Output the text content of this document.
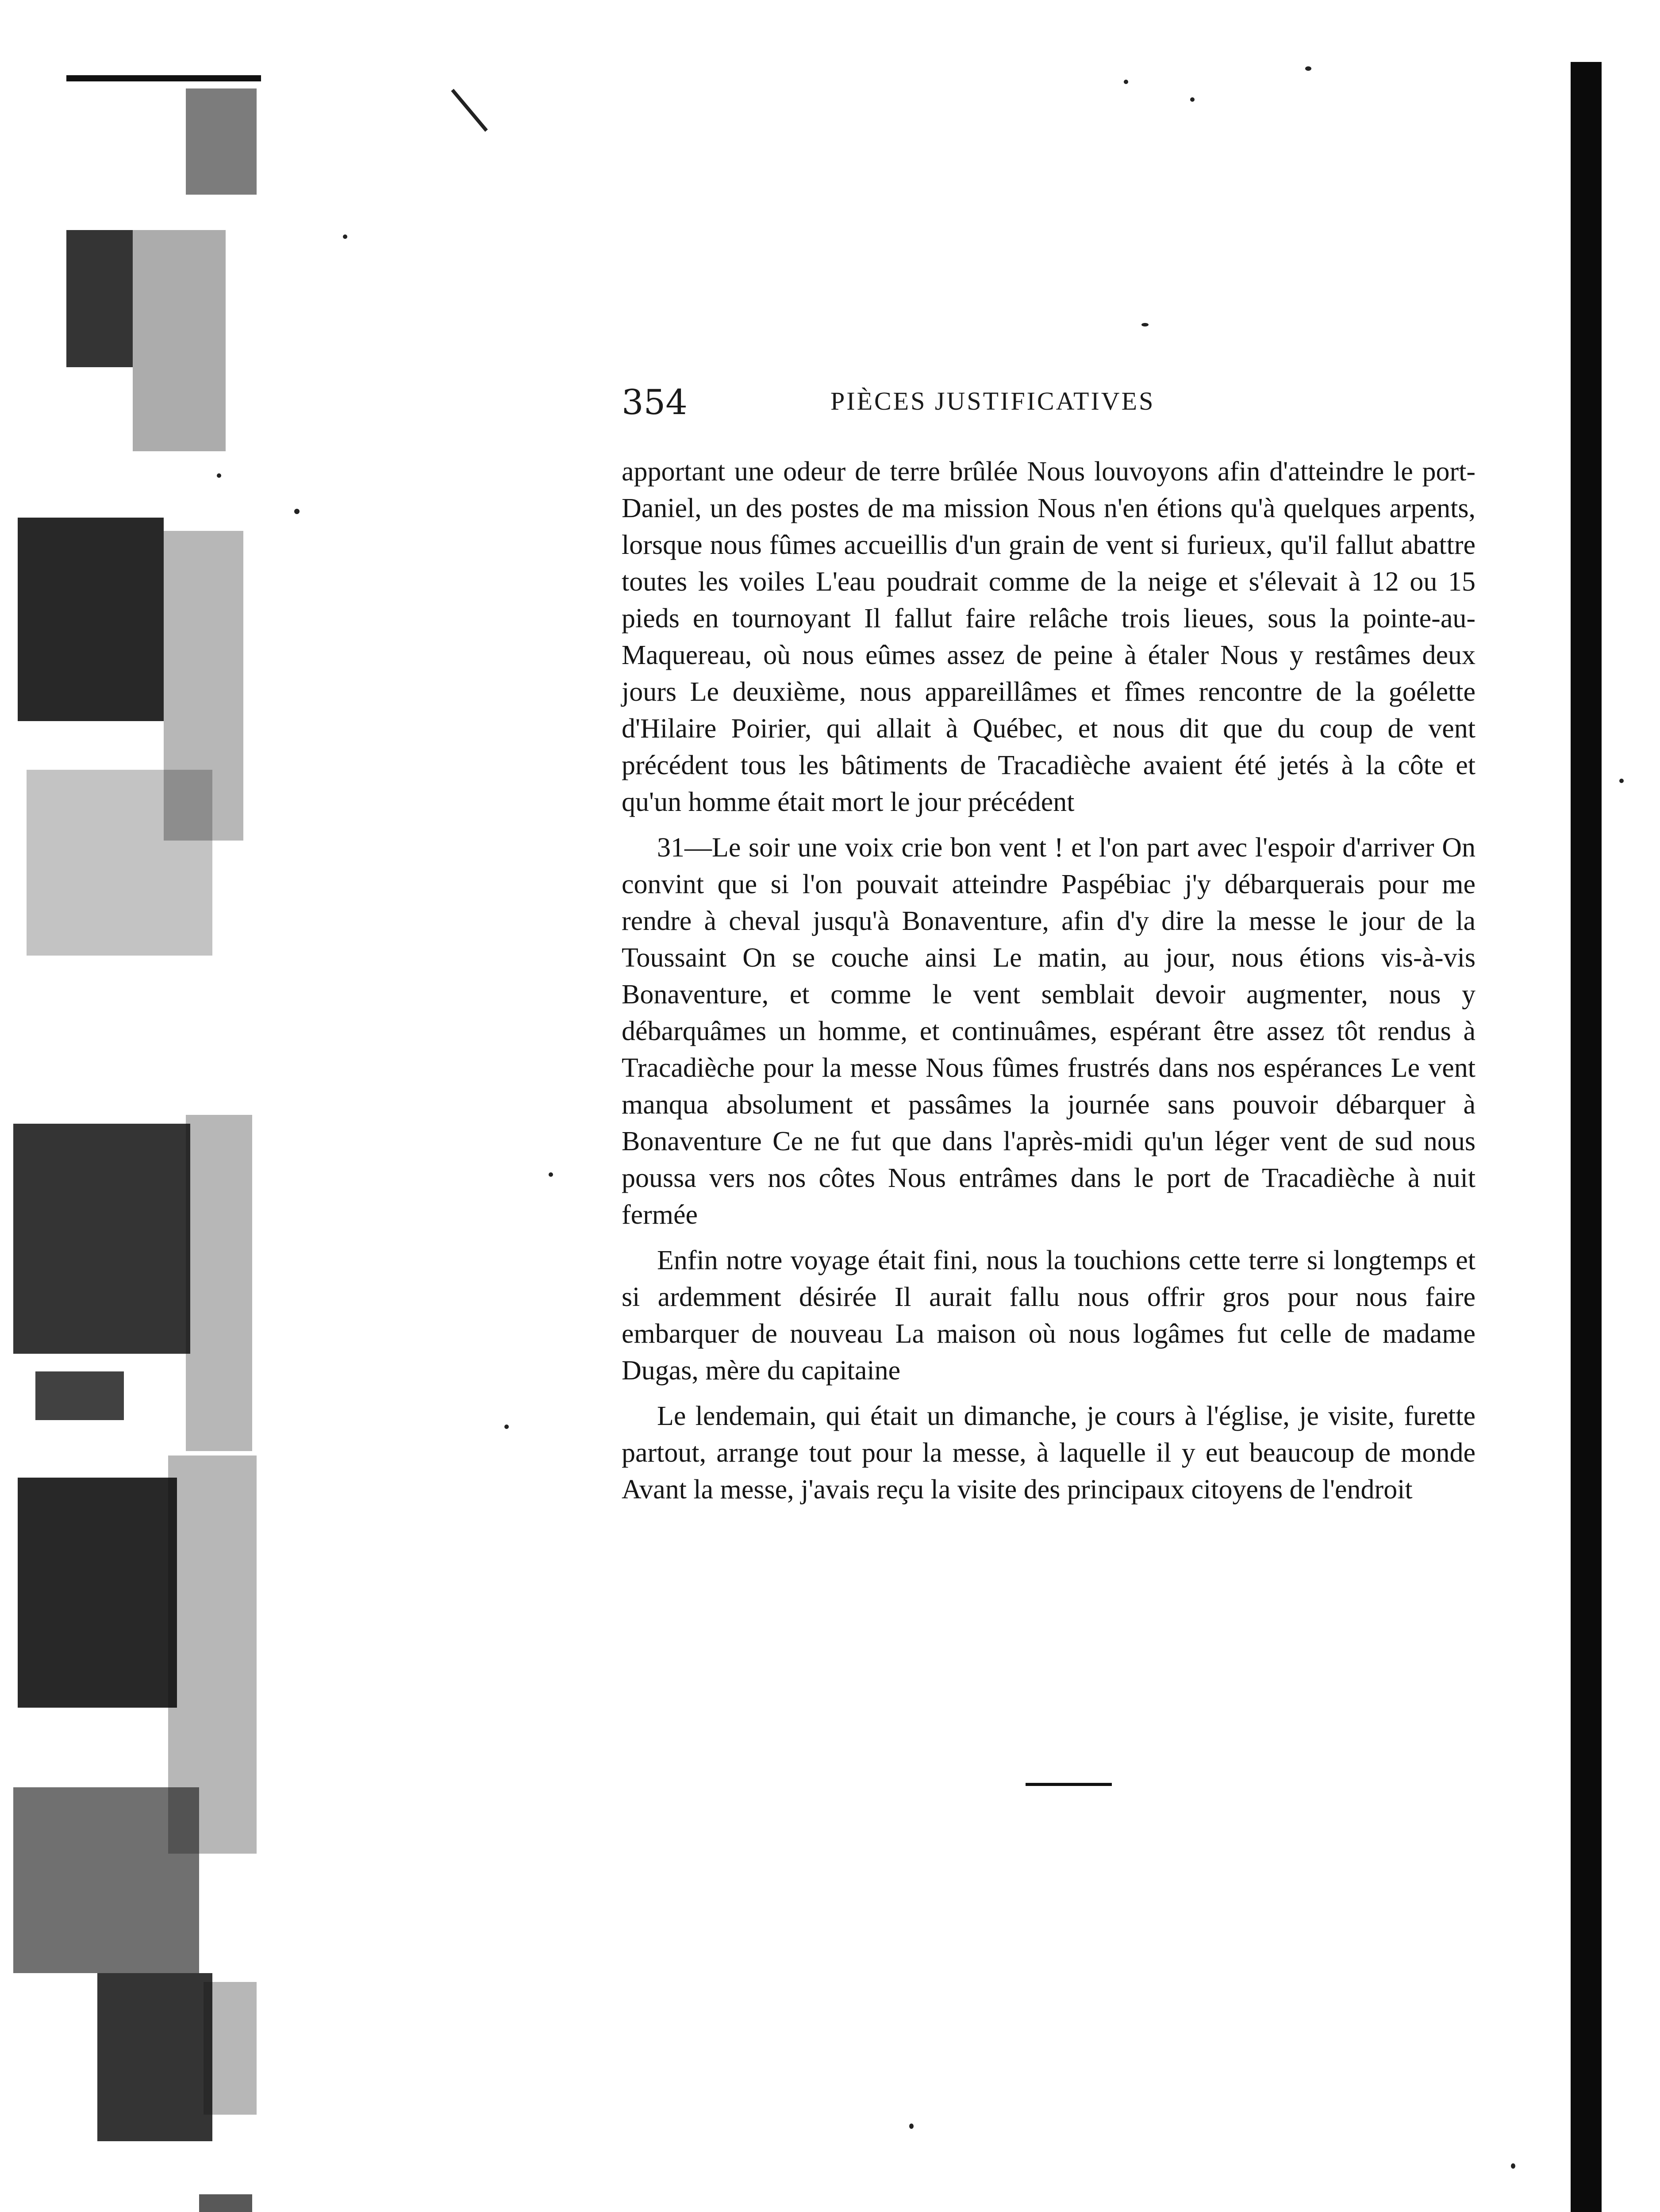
354	PIÈCES JUSTIFICATIVES

apportant une odeur de terre brûlée Nous louvoyons afin d'atteindre le port-Daniel, un des postes de ma mission Nous n'en étions qu'à quelques arpents, lorsque nous fûmes accueillis d'un grain de vent si furieux, qu'il fallut abattre toutes les voiles L'eau poudrait comme de la neige et s'élevait à 12 ou 15 pieds en tournoyant Il fallut faire relâche trois lieues, sous la pointe-au-Maquereau, où nous eûmes assez de peine à étaler Nous y restâmes deux jours Le deuxième, nous appareillâmes et fîmes rencontre de la goélette d'Hilaire Poirier, qui allait à Québec, et nous dit que du coup de vent précédent tous les bâtiments de Tracadièche avaient été jetés à la côte et qu'un homme était mort le jour précédent

31—Le soir une voix crie bon vent ! et l'on part avec l'espoir d'arriver On convint que si l'on pouvait atteindre Paspébiac j'y débarquerais pour me rendre à cheval jusqu'à Bonaventure, afin d'y dire la messe le jour de la Toussaint On se couche ainsi Le matin, au jour, nous étions vis-à-vis Bonaventure, et comme le vent semblait devoir augmenter, nous y débarquâmes un homme, et continuâmes, espérant être assez tôt rendus à Tracadièche pour la messe Nous fûmes frustrés dans nos espérances Le vent manqua absolument et passâmes la journée sans pouvoir débarquer à Bonaventure Ce ne fut que dans l'après-midi qu'un léger vent de sud nous poussa vers nos côtes Nous entrâmes dans le port de Tracadièche à nuit fermée

Enfin notre voyage était fini, nous la touchions cette terre si longtemps et si ardemment désirée Il aurait fallu nous offrir gros pour nous faire embarquer de nouveau La maison où nous logâmes fut celle de madame Dugas, mère du capitaine

Le lendemain, qui était un dimanche, je cours à l'église, je visite, furette partout, arrange tout pour la messe, à laquelle il y eut beaucoup de monde Avant la messe, j'avais reçu la visite des principaux citoyens de l'endroit
